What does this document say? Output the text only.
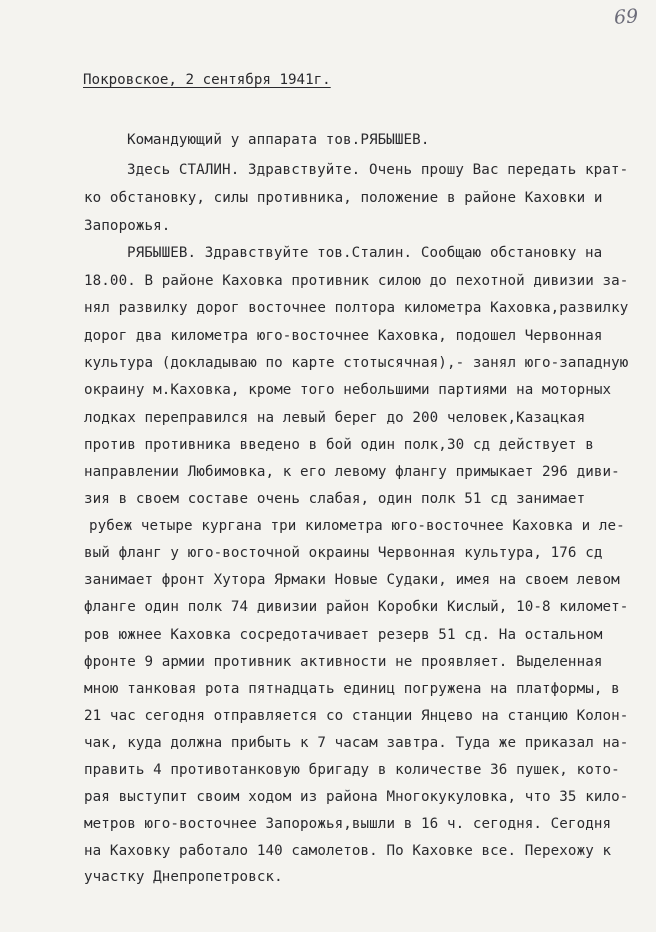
69
Покровское, 2 сентября 1941г.
Командующий у аппарата тов.РЯБЫШЕВ.
Здесь СТАЛИН. Здравствуйте. Очень прошу Вас передать крат-
ко обстановку, силы противника, положение в районе Каховки и
Запорожья.
РЯБЫШЕВ. Здравствуйте тов.Сталин. Сообщаю обстановку на
18.00. В районе Каховка противник силою до пехотной дивизии за-
нял развилку дорог восточнее полтора километра Каховка,развилку
дорог два километра юго-восточнее Каховка, подошел Червонная
культура (докладываю по карте стотысячная),- занял юго-западную
окраину м.Каховка, кроме того небольшими партиями на моторных
лодках переправился на левый берег до 200 человек,Казацкая
против противника введено в бой один полк,30 сд действует в
направлении Любимовка, к его левому флангу примыкает 296 диви-
зия в своем составе очень слабая, один полк 51 сд занимает
рубеж четыре кургана три километра юго-восточнее Каховка и ле-
вый фланг у юго-восточной окраины Червонная культура, 176 сд
занимает фронт Хутора Ярмаки Новые Судаки, имея на своем левом
фланге один полк 74 дивизии район Коробки Кислый, 10-8 километ-
ров южнее Каховка сосредотачивает резерв 51 сд. На остальном
фронте 9 армии противник активности не проявляет. Выделенная
мною танковая рота пятнадцать единиц погружена на платформы, в
21 час сегодня отправляется со станции Янцево на станцию Колон-
чак, куда должна прибыть к 7 часам завтра. Туда же приказал на-
править 4 противотанковую бригаду в количестве 36 пушек, кото-
рая выступит своим ходом из района Многокукуловка, что 35 кило-
метров юго-восточнее Запорожья,вышли в 16 ч. сегодня. Сегодня
на Каховку работало 140 самолетов. По Каховке все. Перехожу к
участку Днепропетровск.
